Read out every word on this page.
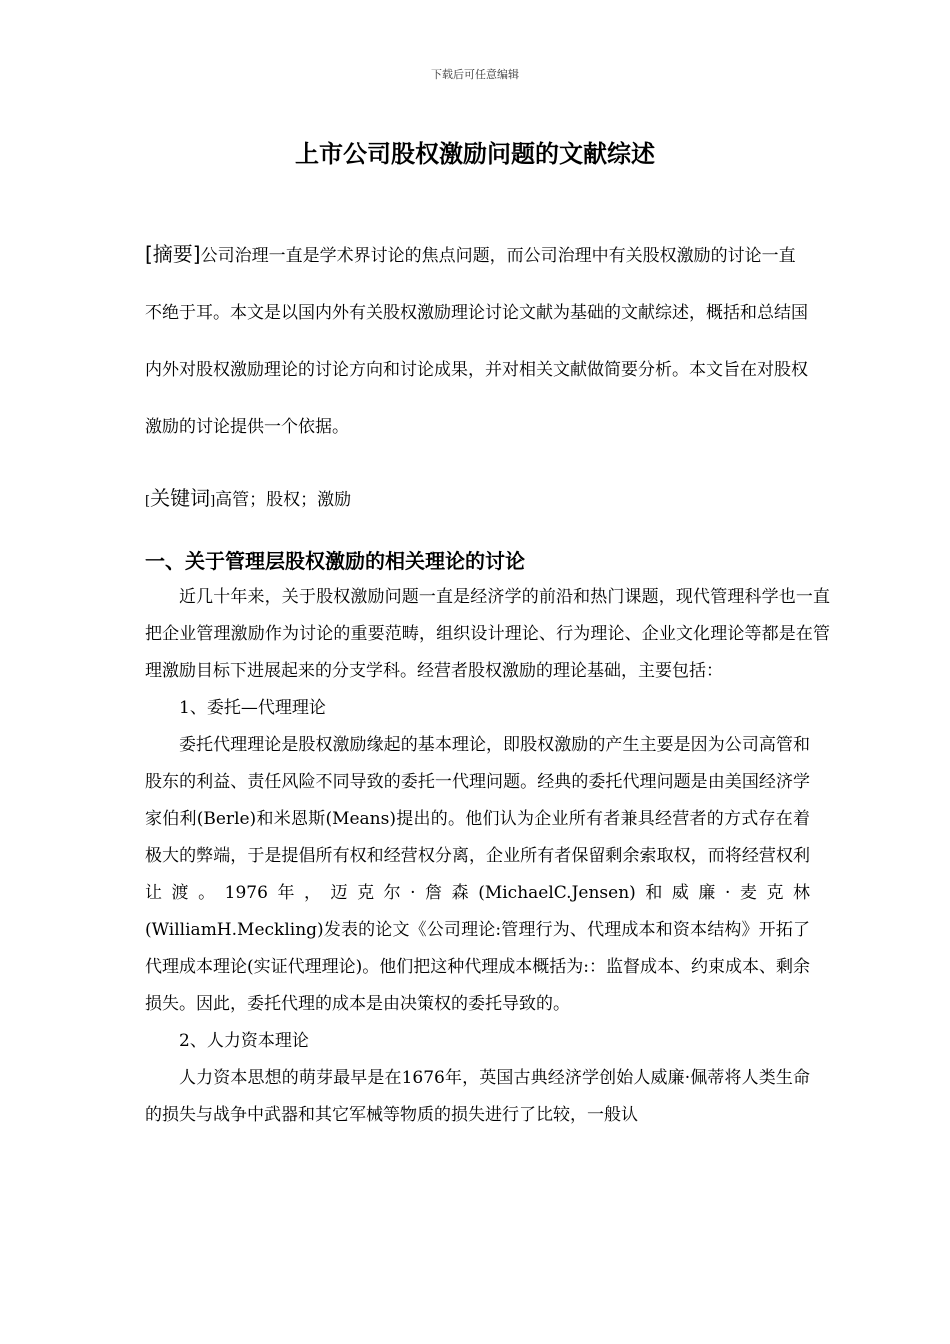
下载后可任意编辑
上市公司股权激励问题的文献综述

[摘要]公司治理一直是学术界讨论的焦点问题，而公司治理中有关股权激励的讨论一直不绝于耳。本文是以国内外有关股权激励理论讨论文献为基础的文献综述，概括和总结国内外对股权激励理论的讨论方向和讨论成果，并对相关文献做简要分析。本文旨在对股权激励的讨论提供一个依据。

[关键词]高管；股权；激励

一、关于管理层股权激励的相关理论的讨论

近几十年来，关于股权激励问题一直是经济学的前沿和热门课题，现代管理科学也一直把企业管理激励作为讨论的重要范畴，组织设计理论、行为理论、企业文化理论等都是在管理激励目标下进展起来的分支学科。经营者股权激励的理论基础，主要包括：

1、委托—代理理论

委托代理理论是股权激励缘起的基本理论，即股权激励的产生主要是因为公司高管和股东的利益、责任风险不同导致的委托一代理问题。经典的委托代理问题是由美国经济学家伯利(Berle)和米恩斯(Means)提出的。他们认为企业所有者兼具经营者的方式存在着极大的弊端，于是提倡所有权和经营权分离，企业所有者保留剩余索取权，而将经营权利让渡。1976年，迈克尔·詹森(MichaelC.Jensen)和威廉·麦克林 (WilliamH.Meckling)发表的论文《公司理论:管理行为、代理成本和资本结构》开拓了代理成本理论(实证代理理论)。他们把这种代理成本概括为:：监督成本、约束成本、剩余损失。因此，委托代理的成本是由决策权的委托导致的。

2、人力资本理论

人力资本思想的萌芽最早是在1676年，英国古典经济学创始人威廉·佩蒂将人类生命的损失与战争中武器和其它军械等物质的损失进行了比较，一般认
